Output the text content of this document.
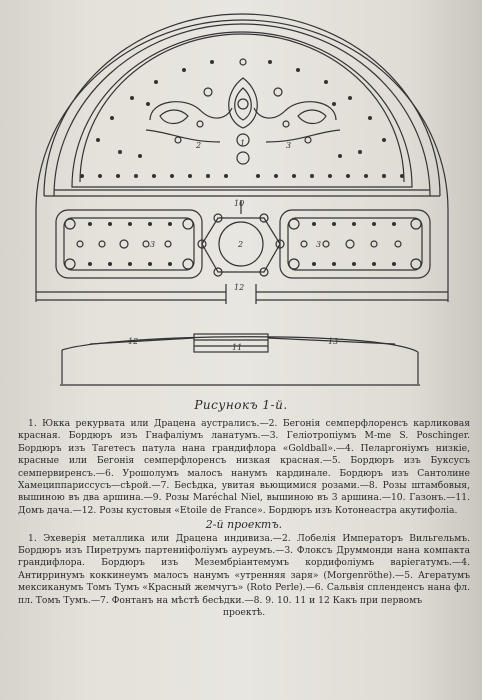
1
2	3
2
3	3
10
12
12
11
13
Рисунокъ 1-й.

1. Юкка рекурвата или Драцена аустралисъ.—2. Бегонія семперфлоренсъ карликовая красная. Бордюръ изъ Гнафаліумъ ланатумъ.—3. Геліотропіумъ M-me S. Poschinger. Бордюръ изъ Тагетесъ патула нана грандифлора «Goldball».—4. Пеларгоніумъ низкіе, красные или Бегонія семперфлоренсъ низкая красная.—5. Бордюръ изъ Буксусъ семпервиренсъ.—6. Урошолумъ малосъ нанумъ кардинале. Бордюръ изъ Сантолине Хамециппариссусъ—сѣрой.—7. Бесѣдка, увитая вьющимися розами.—8. Розы штамбовыя, вышиною въ два аршина.—9. Розы Maréchal Niel, вышиною въ 3 аршина.—10. Газонъ.—11. Домъ дача.—12. Розы кустовыя «Etoile de France». Бордюръ изъ Котонеастра акутифоліа.

2-й проектъ.

1. Эхеверія металлика или Драцена индивиза.—2. Лобелія Императоръ Вильгельмъ. Бордюръ изъ Пиретрумъ партениіфоліумъ ауреумъ.—3. Флоксъ Друммонди нана компакта грандифлора. Бордюръ изъ Мезембріантемумъ кордифоліумъ варіегатумъ.—4. Антирринумъ коккинеумъ малосъ нанумъ «утренняя заря» (Morgenröthe).—5. Агератумъ мексиканумъ Томъ Тумъ «Красный жемчугъ» (Roto Perle).—6. Сальвія спленденсъ нана фл. пл. Томъ Тумъ.—7. Фонтанъ на мѣстѣ бесѣдки.—8. 9. 10. 11 и 12 Какъ при первомъ

проектѣ.
